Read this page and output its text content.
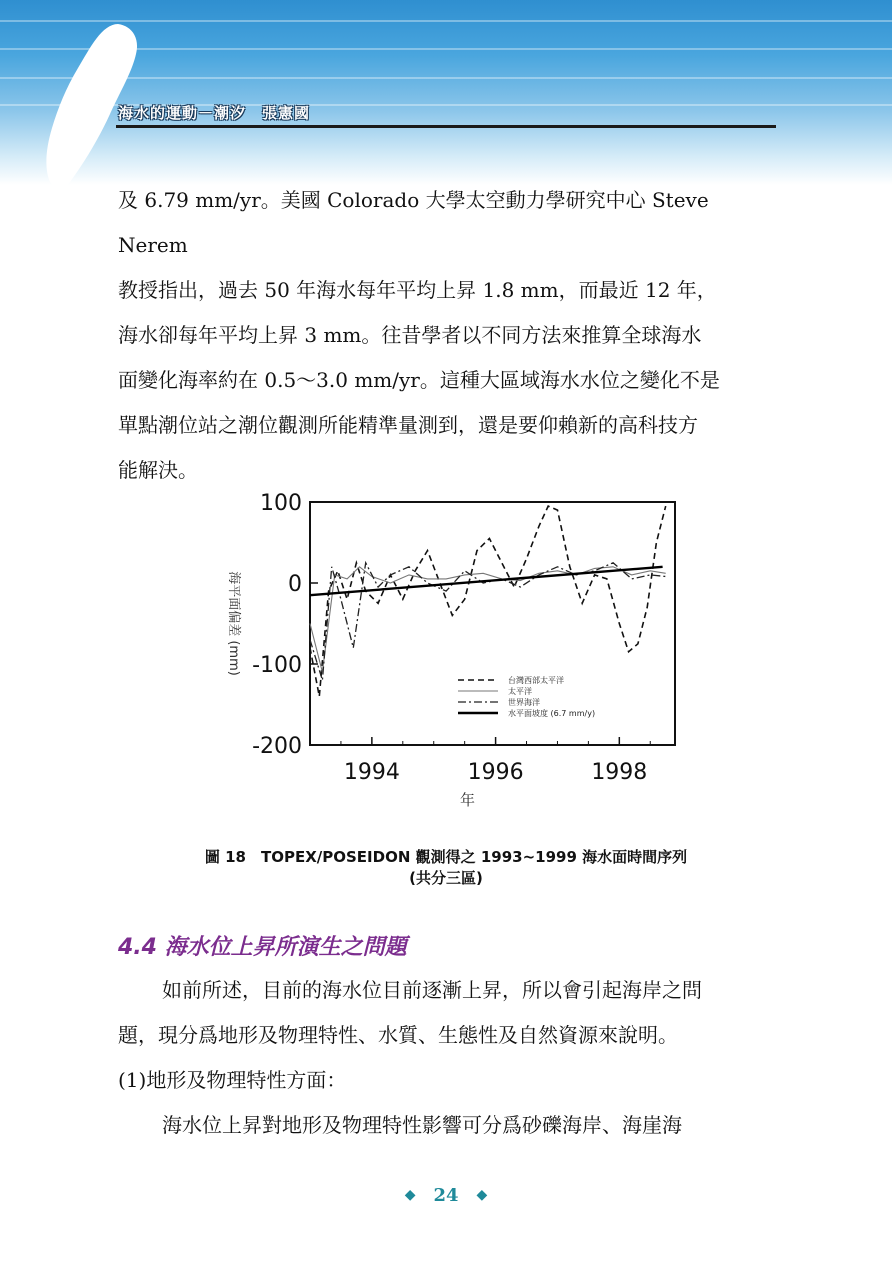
海水的運動－潮汐　張憲國

及 6.79 mm/yr。美國 Colorado 大學太空動力學研究中心 Steve Nerem

教授指出，過去 50 年海水每年平均上昇 1.8 mm，而最近 12 年，

海水卻每年平均上昇 3 mm。往昔學者以不同方法來推算全球海水

面變化海率約在 0.5～3.0 mm/yr。這種大區域海水水位之變化不是

單點潮位站之潮位觀測所能精準量測到，還是要仰賴新的高科技方

能解決。

100
0
-100
-200
1994	1996	1998
年
海平面偏差 (mm)
台灣西部太平洋
太平洋
世界海洋
水平面坡度 (6.7 mm/y)
圖 18　TOPEX/POSEIDON 觀測得之 1993~1999 海水面時間序列
(共分三區)
4.4 海水位上昇所演生之問題

如前所述，目前的海水位目前逐漸上昇，所以會引起海岸之問

題，現分爲地形及物理特性、水質、生態性及自然資源來說明。

(1)地形及物理特性方面：

海水位上昇對地形及物理特性影響可分爲砂礫海岸、海崖海

◆ 24 ◆
